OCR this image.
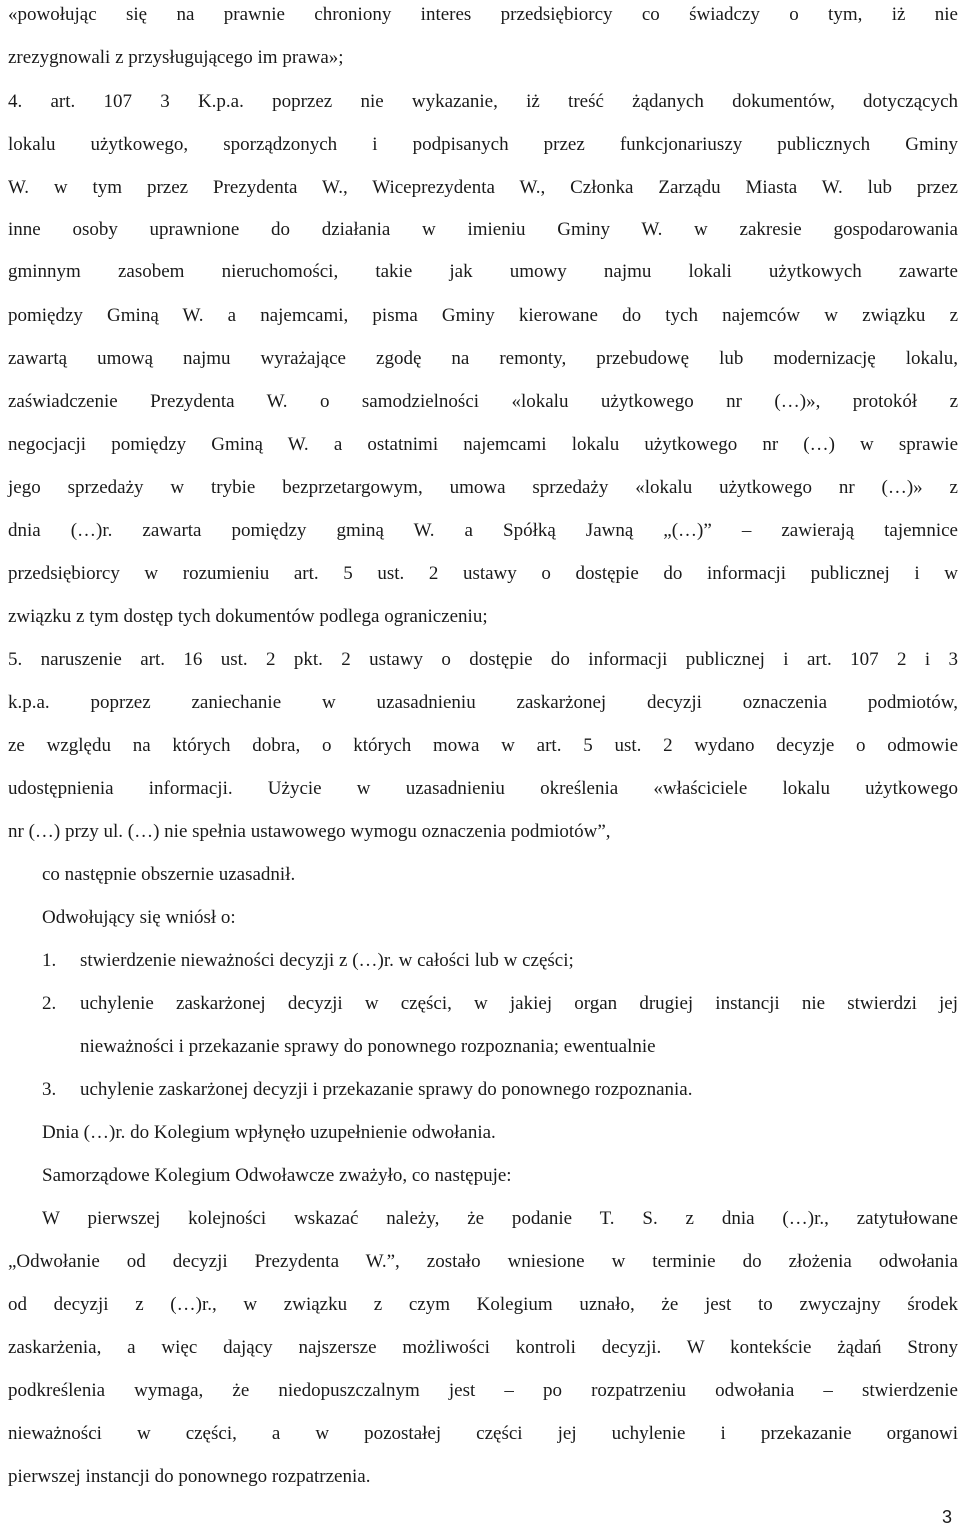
«powołując się na prawnie chroniony interes przedsiębiorcy co świadczy o tym, iż nie
zrezygnowali z przysługującego im prawa»;
4. art. 107 3 K.p.a. poprzez nie wykazanie, iż treść żądanych dokumentów, dotyczących
lokalu użytkowego, sporządzonych i podpisanych przez funkcjonariuszy publicznych Gminy
W. w tym przez Prezydenta W., Wiceprezydenta W., Członka Zarządu Miasta W. lub przez
inne osoby uprawnione do działania w imieniu Gminy W. w zakresie gospodarowania
gminnym zasobem nieruchomości, takie jak umowy najmu lokali użytkowych zawarte
pomiędzy Gminą W. a najemcami, pisma Gminy kierowane do tych najemców w związku z
zawartą umową najmu wyrażające zgodę na remonty, przebudowę lub modernizację lokalu,
zaświadczenie Prezydenta W. o samodzielności «lokalu użytkowego nr (…)», protokół z
negocjacji pomiędzy Gminą W. a ostatnimi najemcami lokalu użytkowego nr (…) w sprawie
jego sprzedaży w trybie bezprzetargowym, umowa sprzedaży «lokalu użytkowego nr (…)» z
dnia (…)r. zawarta pomiędzy gminą W. a Spółką Jawną „(…)” – zawierają tajemnice
przedsiębiorcy w rozumieniu art. 5 ust. 2 ustawy o dostępie do informacji publicznej i w
związku z tym dostęp tych dokumentów podlega ograniczeniu;
5. naruszenie art. 16 ust. 2 pkt. 2 ustawy o dostępie do informacji publicznej i art. 107 2 i 3
k.p.a. poprzez zaniechanie w uzasadnieniu zaskarżonej decyzji oznaczenia podmiotów,
ze względu na których dobra, o których mowa w art. 5 ust. 2 wydano decyzje o odmowie
udostępnienia informacji. Użycie w uzasadnieniu określenia «właściciele lokalu użytkowego
nr (…) przy ul. (…) nie spełnia ustawowego wymogu oznaczenia podmiotów”,
co następnie obszernie uzasadnił.
Odwołujący się wniósł o:
1. stwierdzenie nieważności decyzji z (…)r. w całości lub w części;
2. uchylenie zaskarżonej decyzji w części, w jakiej organ drugiej instancji nie stwierdzi jej
nieważności i przekazanie sprawy do ponownego rozpoznania; ewentualnie
3. uchylenie zaskarżonej decyzji i przekazanie sprawy do ponownego rozpoznania.
Dnia (…)r. do Kolegium wpłynęło uzupełnienie odwołania.
Samorządowe Kolegium Odwoławcze zważyło, co następuje:
W pierwszej kolejności wskazać należy, że podanie T. S. z dnia (…)r., zatytułowane
„Odwołanie od decyzji Prezydenta W.”, zostało wniesione w terminie do złożenia odwołania
od decyzji z (…)r., w związku z czym Kolegium uznało, że jest to zwyczajny środek
zaskarżenia, a więc dający najszersze możliwości kontroli decyzji. W kontekście żądań Strony
podkreślenia wymaga, że niedopuszczalnym jest – po rozpatrzeniu odwołania – stwierdzenie
nieważności w części, a w pozostałej części jej uchylenie i przekazanie organowi
pierwszej instancji do ponownego rozpatrzenia.
3
